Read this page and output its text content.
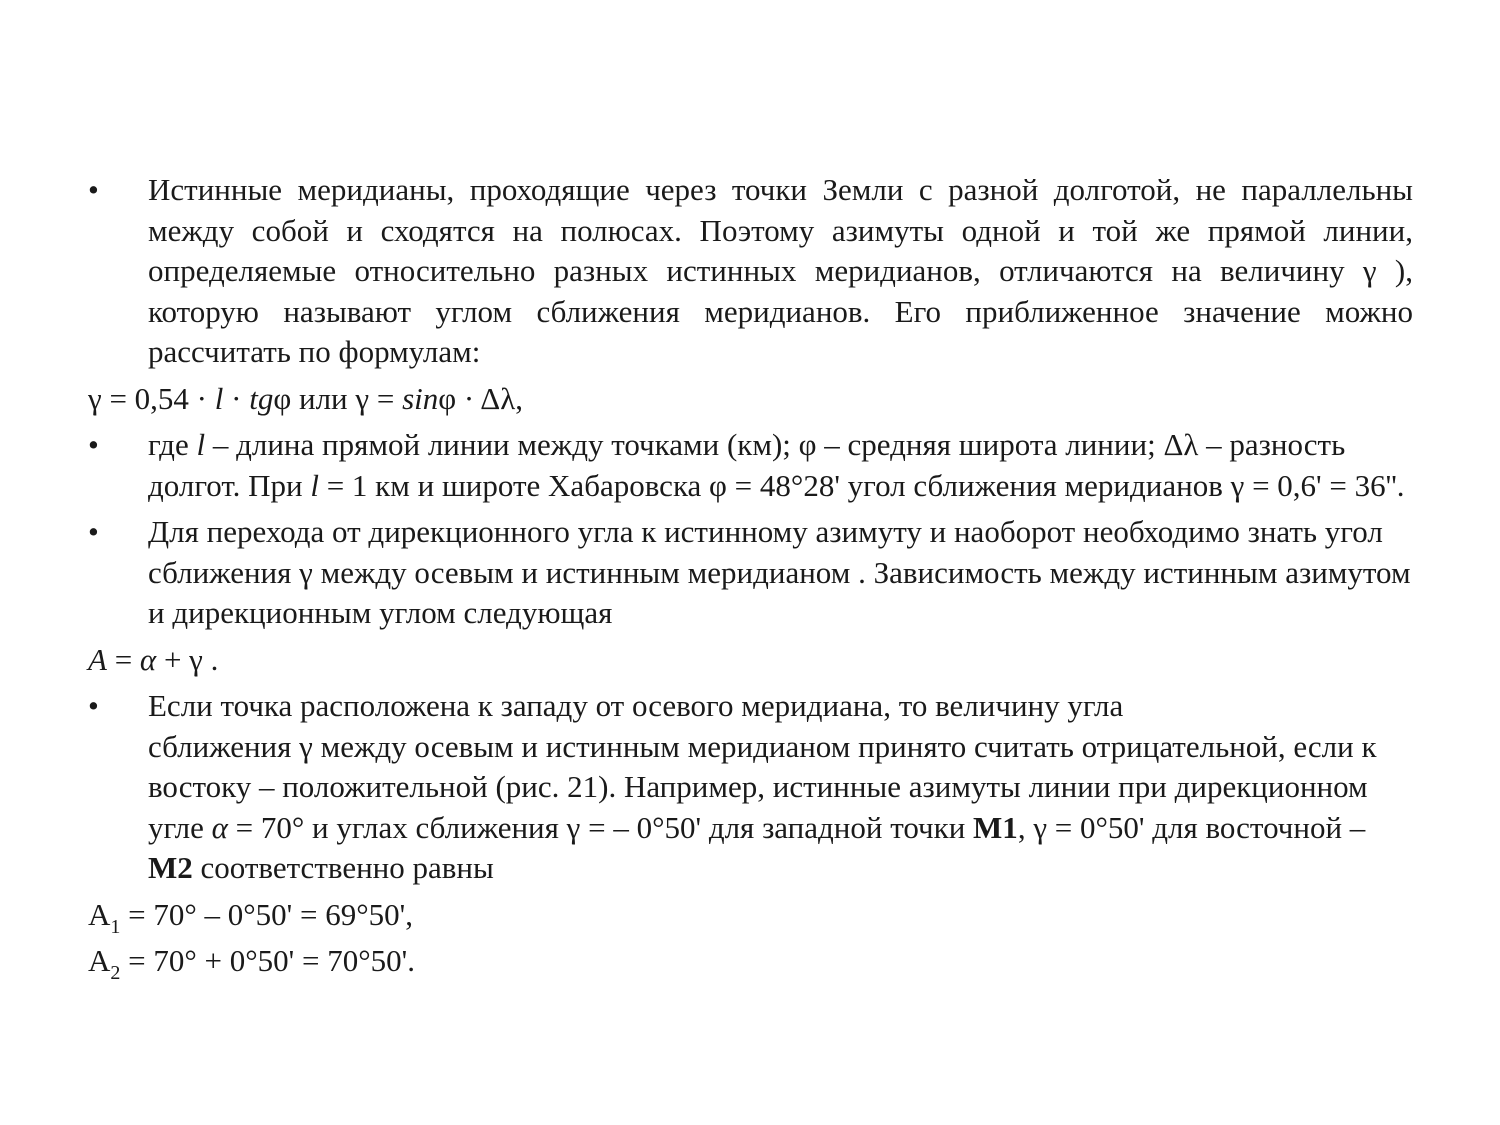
• Истинные меридианы, проходящие через точки Земли с разной долготой, не параллельны между собой и сходятся на полюсах. Поэтому азимуты одной и той же прямой линии, определяемые относительно разных истинных меридианов, отличаются на величину γ ), которую называют углом сближения меридианов. Его приближенное значение можно рассчитать по формулам:
γ = 0,54 · l · tgφ или γ = sinφ · Δλ,
• где l – длина прямой линии между точками (км); φ – средняя широта линии; Δλ – разность долгот. При l = 1 км и широте Хабаровска φ = 48°28' угол сближения меридианов γ = 0,6' = 36''.
• Для перехода от дирекционного угла к истинному азимуту и наоборот необходимо знать угол сближения γ между осевым и истинным меридианом . Зависимость между истинным азимутом и дирекционным углом следующая
A = α + γ .
• Если точка расположена к западу от осевого меридиана, то величину угла
сближения γ между осевым и истинным меридианом принято считать отрицательной, если к востоку – положительной (рис. 21). Например, истинные азимуты линии при дирекционном угле α = 70° и углах сближения γ = – 0°50' для западной точки М1, γ = 0°50' для восточной – М2 соответственно равны
$A_1 = 70^\circ - 0^\circ 50' = 69^\circ 50'$,
$A_2 = 70^\circ + 0^\circ 50' = 70^\circ 50'$.
